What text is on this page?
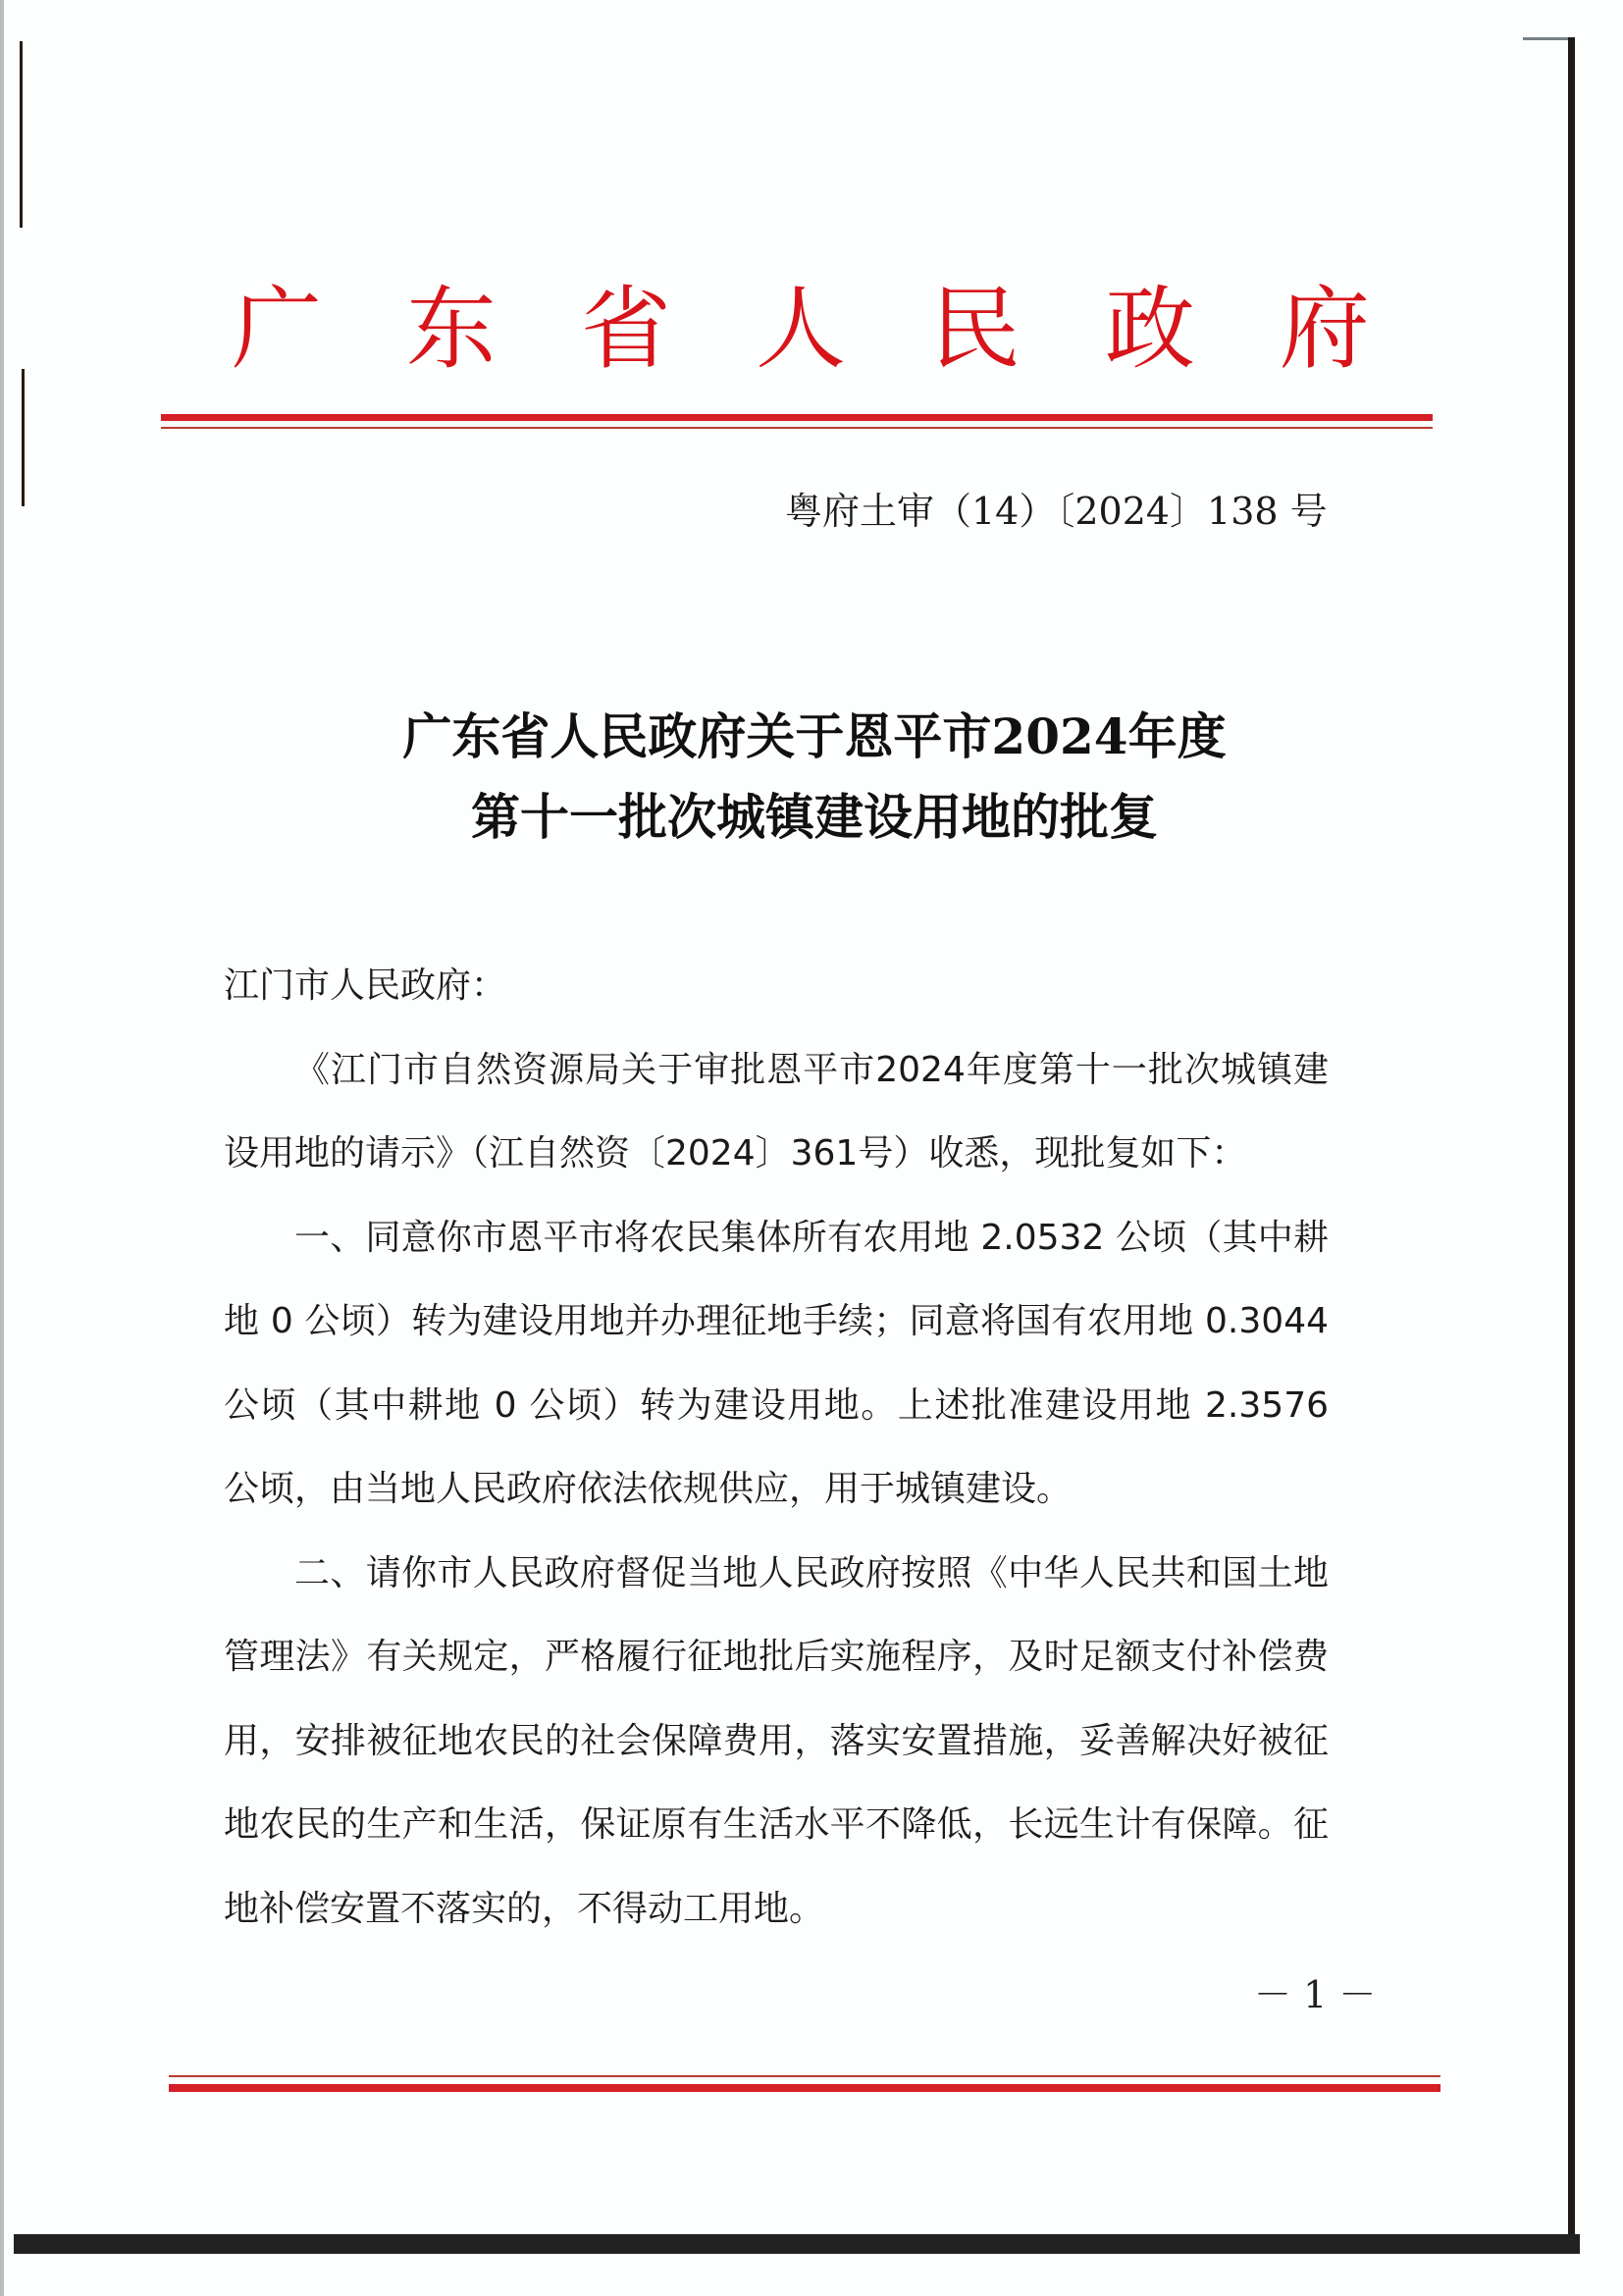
广 东 省 人 民 政 府
粤府土审（14）〔2024〕138 号
广东省人民政府关于恩平市2024年度
第十一批次城镇建设用地的批复

江门市人民政府：

《江门市自然资源局关于审批恩平市2024年度第十一批次城镇建设用地的请示》（江自然资〔2024〕361号）收悉，现批复如下：

一、同意你市恩平市将农民集体所有农用地 2.0532 公顷（其中耕地 0 公顷）转为建设用地并办理征地手续；同意将国有农用地 0.3044 公顷（其中耕地 0 公顷）转为建设用地。上述批准建设用地 2.3576 公顷，由当地人民政府依法依规供应，用于城镇建设。

二、请你市人民政府督促当地人民政府按照《中华人民共和国土地管理法》有关规定，严格履行征地批后实施程序，及时足额支付补偿费用，安排被征地农民的社会保障费用，落实安置措施，妥善解决好被征地农民的生产和生活，保证原有生活水平不降低，长远生计有保障。征地补偿安置不落实的，不得动工用地。

－ 1 －
